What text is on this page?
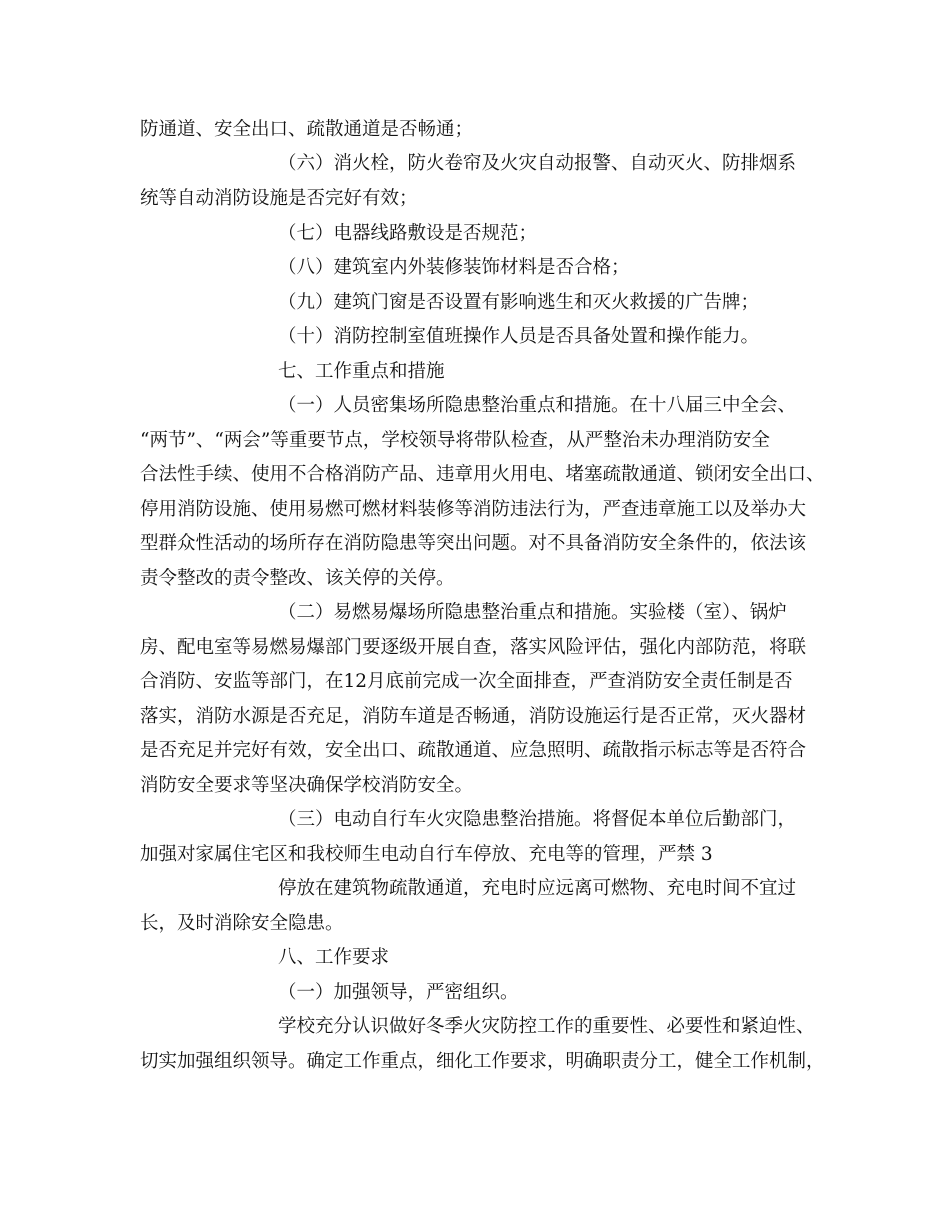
防通道、安全出口、疏散通道是否畅通；
（六）消火栓，防火卷帘及火灾自动报警、自动灭火、防排烟系
统等自动消防设施是否完好有效；
（七）电器线路敷设是否规范；
（八）建筑室内外装修装饰材料是否合格；
（九）建筑门窗是否设置有影响逃生和灭火救援的广告牌；
（十）消防控制室值班操作人员是否具备处置和操作能力。
七、工作重点和措施
（一）人员密集场所隐患整治重点和措施。在十八届三中全会、
“两节”、“两会”等重要节点，学校领导将带队检查，从严整治未办理消防安全
合法性手续、使用不合格消防产品、违章用火用电、堵塞疏散通道、锁闭安全出口、
停用消防设施、使用易燃可燃材料装修等消防违法行为，严查违章施工以及举办大
型群众性活动的场所存在消防隐患等突出问题。对不具备消防安全条件的，依法该
责令整改的责令整改、该关停的关停。
（二）易燃易爆场所隐患整治重点和措施。实验楼（室）、锅炉
房、配电室等易燃易爆部门要逐级开展自查，落实风险评估，强化内部防范，将联
合消防、安监等部门，在12月底前完成一次全面排查，严查消防安全责任制是否
落实，消防水源是否充足，消防车道是否畅通，消防设施运行是否正常，灭火器材
是否充足并完好有效，安全出口、疏散通道、应急照明、疏散指示标志等是否符合
消防安全要求等坚决确保学校消防安全。
（三）电动自行车火灾隐患整治措施。将督促本单位后勤部门，
加强对家属住宅区和我校师生电动自行车停放、充电等的管理，严禁 3
停放在建筑物疏散通道，充电时应远离可燃物、充电时间不宜过
长，及时消除安全隐患。
八、工作要求
（一）加强领导，严密组织。
学校充分认识做好冬季火灾防控工作的重要性、必要性和紧迫性、
切实加强组织领导。确定工作重点，细化工作要求，明确职责分工，健全工作机制，
